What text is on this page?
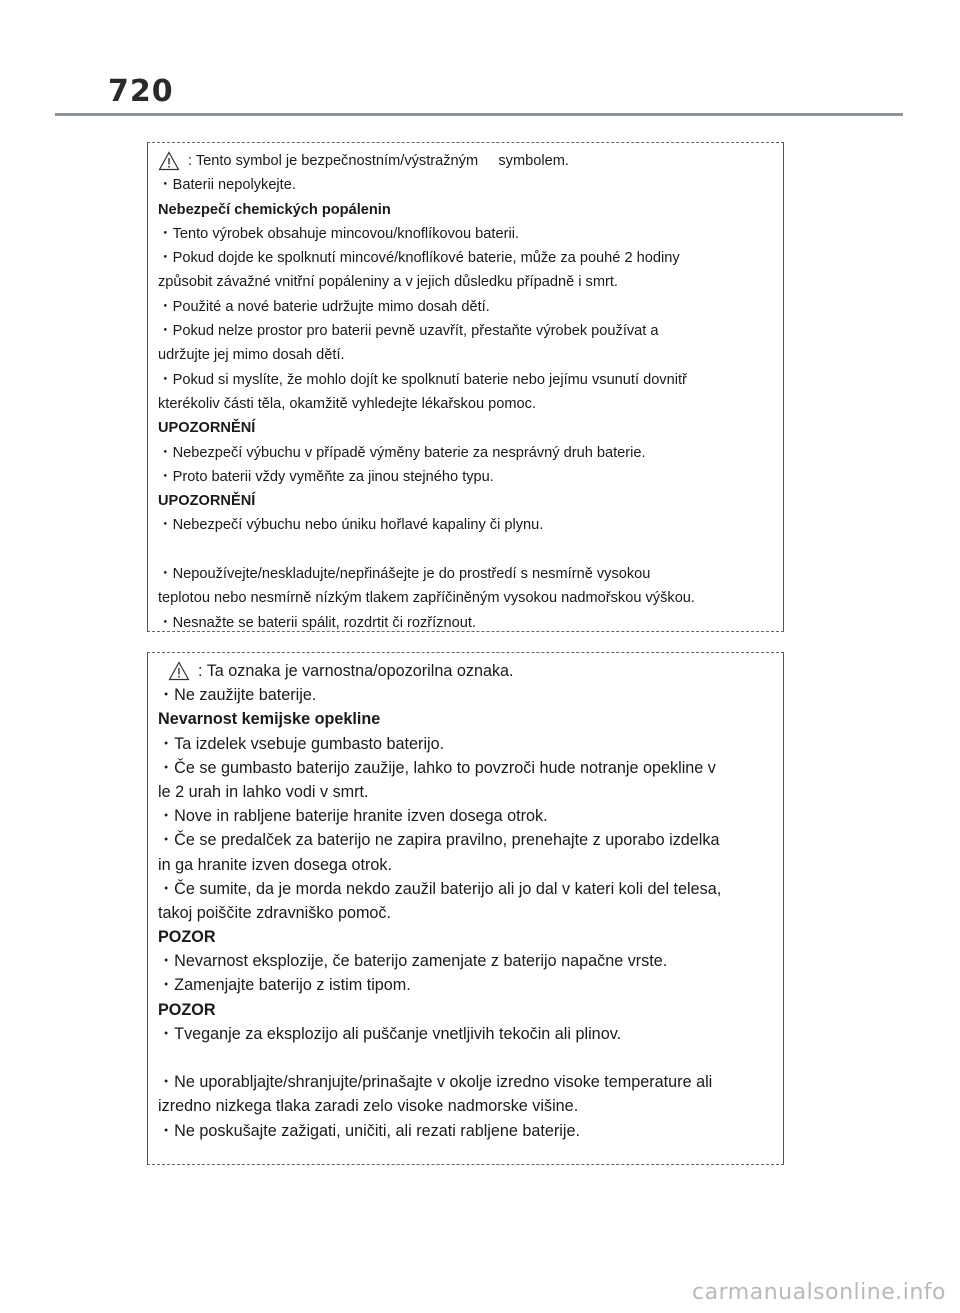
720
: Tento symbol je bezpečnostním/výstražným     symbolem.
・Baterii nepolykejte.
Nebezpečí chemických popálenin
・Tento výrobek obsahuje mincovou/knoflíkovou baterii.
・Pokud dojde ke spolknutí mincové/knoflíkové baterie, může za pouhé 2 hodiny
způsobit závažné vnitřní popáleniny a v jejich důsledku případně i smrt.
・Použité a nové baterie udržujte mimo dosah dětí.
・Pokud nelze prostor pro baterii pevně uzavřít, přestaňte výrobek používat a
udržujte jej mimo dosah dětí.
・Pokud si myslíte, že mohlo dojít ke spolknutí baterie nebo jejímu vsunutí dovnitř
kterékoliv části těla, okamžitě vyhledejte lékařskou pomoc.
UPOZORNĚNÍ
・Nebezpečí výbuchu v případě výměny baterie za nesprávný druh baterie.
・Proto baterii vždy vyměňte za jinou stejného typu.
UPOZORNĚNÍ
・Nebezpečí výbuchu nebo úniku hořlavé kapaliny či plynu.
・Nepoužívejte/neskladujte/nepřinášejte je do prostředí s nesmírně vysokou
teplotou nebo nesmírně nízkým tlakem zapříčiněným vysokou nadmořskou výškou.
・Nesnažte se baterii spálit, rozdrtit či rozříznout.
: Ta oznaka je varnostna/opozorilna oznaka.
・Ne zaužijte baterije.
Nevarnost kemijske opekline
・Ta izdelek vsebuje gumbasto baterijo.
・Če se gumbasto baterijo zaužije, lahko to povzroči hude notranje opekline v
le 2 urah in lahko vodi v smrt.
・Nove in rabljene baterije hranite izven dosega otrok.
・Če se predalček za baterijo ne zapira pravilno, prenehajte z uporabo izdelka
in ga hranite izven dosega otrok.
・Če sumite, da je morda nekdo zaužil baterijo ali jo dal v kateri koli del telesa,
takoj poiščite zdravniško pomoč.
POZOR
・Nevarnost eksplozije, če baterijo zamenjate z baterijo napačne vrste.
・Zamenjajte baterijo z istim tipom.
POZOR
・Tveganje za eksplozijo ali puščanje vnetljivih tekočin ali plinov.
・Ne uporabljajte/shranjujte/prinašajte v okolje izredno visoke temperature ali
izredno nizkega tlaka zaradi zelo visoke nadmorske višine.
・Ne poskušajte zažigati, uničiti, ali rezati rabljene baterije.
carmanualsonline.info
